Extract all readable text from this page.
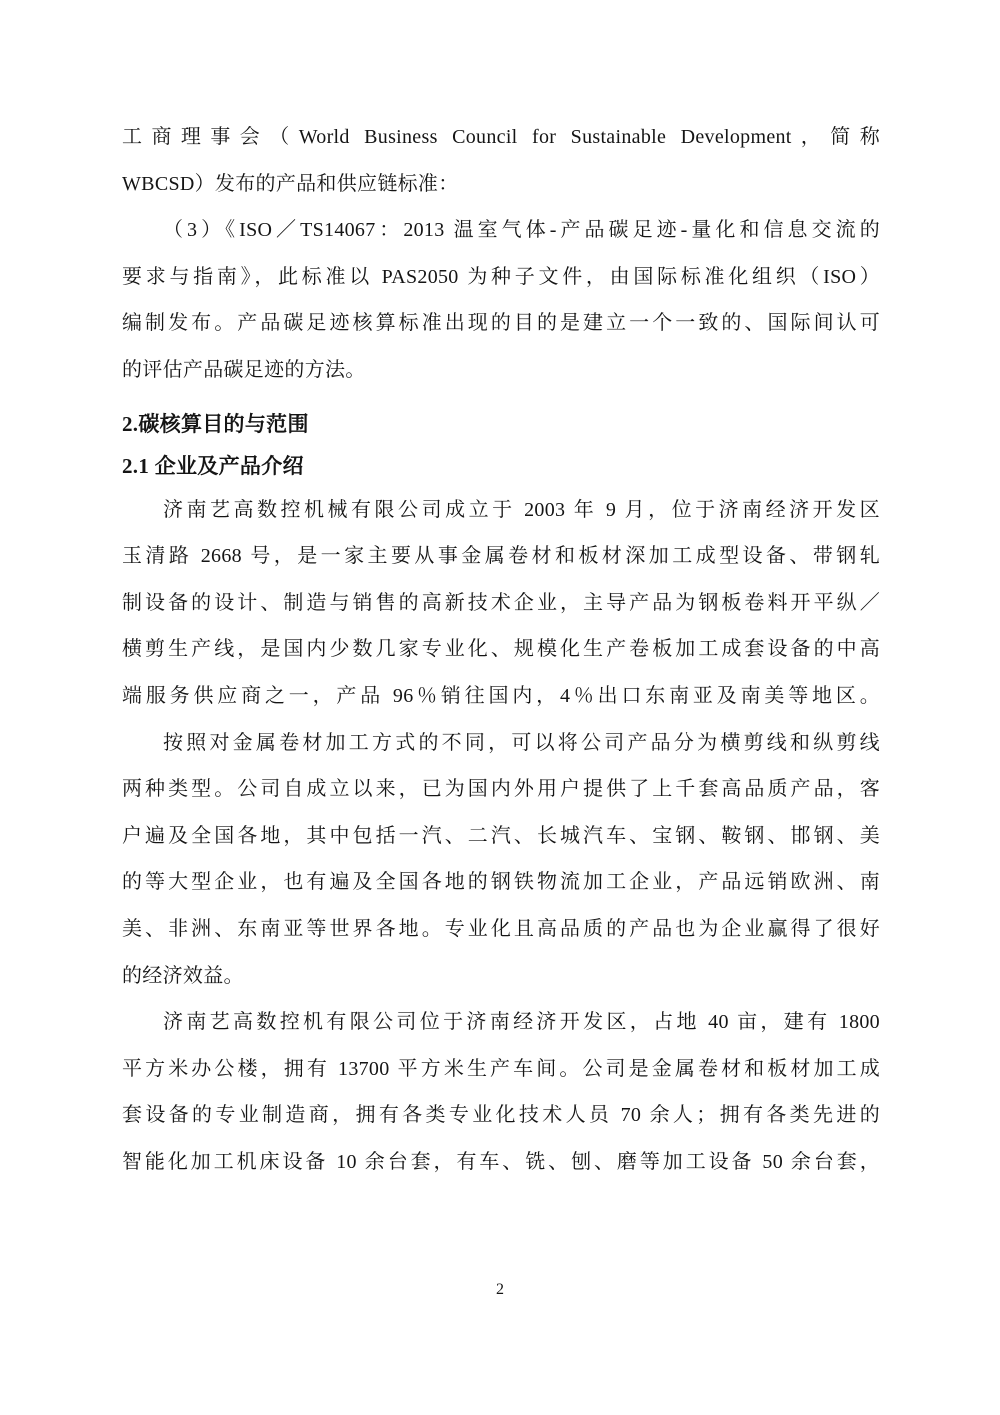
工商理事会（World Business Council for Sustainable Development，简称
WBCSD）发布的产品和供应链标准：
（3）《ISO／TS14067：2013 温室气体-产品碳足迹-量化和信息交流的
要求与指南》，此标准以 PAS2050 为种子文件，由国际标准化组织（ISO）
编制发布。产品碳足迹核算标准出现的目的是建立一个一致的、国际间认可
的评估产品碳足迹的方法。
2.碳核算目的与范围
2.1 企业及产品介绍
济南艺高数控机械有限公司成立于 2003 年 9 月，位于济南经济开发区
玉清路 2668 号，是一家主要从事金属卷材和板材深加工成型设备、带钢轧
制设备的设计、制造与销售的高新技术企业，主导产品为钢板卷料开平纵／
横剪生产线，是国内少数几家专业化、规模化生产卷板加工成套设备的中高
端服务供应商之一，产品 96％销往国内，4％出口东南亚及南美等地区。
按照对金属卷材加工方式的不同，可以将公司产品分为横剪线和纵剪线
两种类型。公司自成立以来，已为国内外用户提供了上千套高品质产品，客
户遍及全国各地，其中包括一汽、二汽、长城汽车、宝钢、鞍钢、邯钢、美
的等大型企业，也有遍及全国各地的钢铁物流加工企业，产品远销欧洲、南
美、非洲、东南亚等世界各地。专业化且高品质的产品也为企业赢得了很好
的经济效益。
济南艺高数控机有限公司位于济南经济开发区，占地 40 亩，建有 1800
平方米办公楼，拥有 13700 平方米生产车间。公司是金属卷材和板材加工成
套设备的专业制造商，拥有各类专业化技术人员 70 余人；拥有各类先进的
智能化加工机床设备 10 余台套，有车、铣、刨、磨等加工设备 50 余台套，
2
